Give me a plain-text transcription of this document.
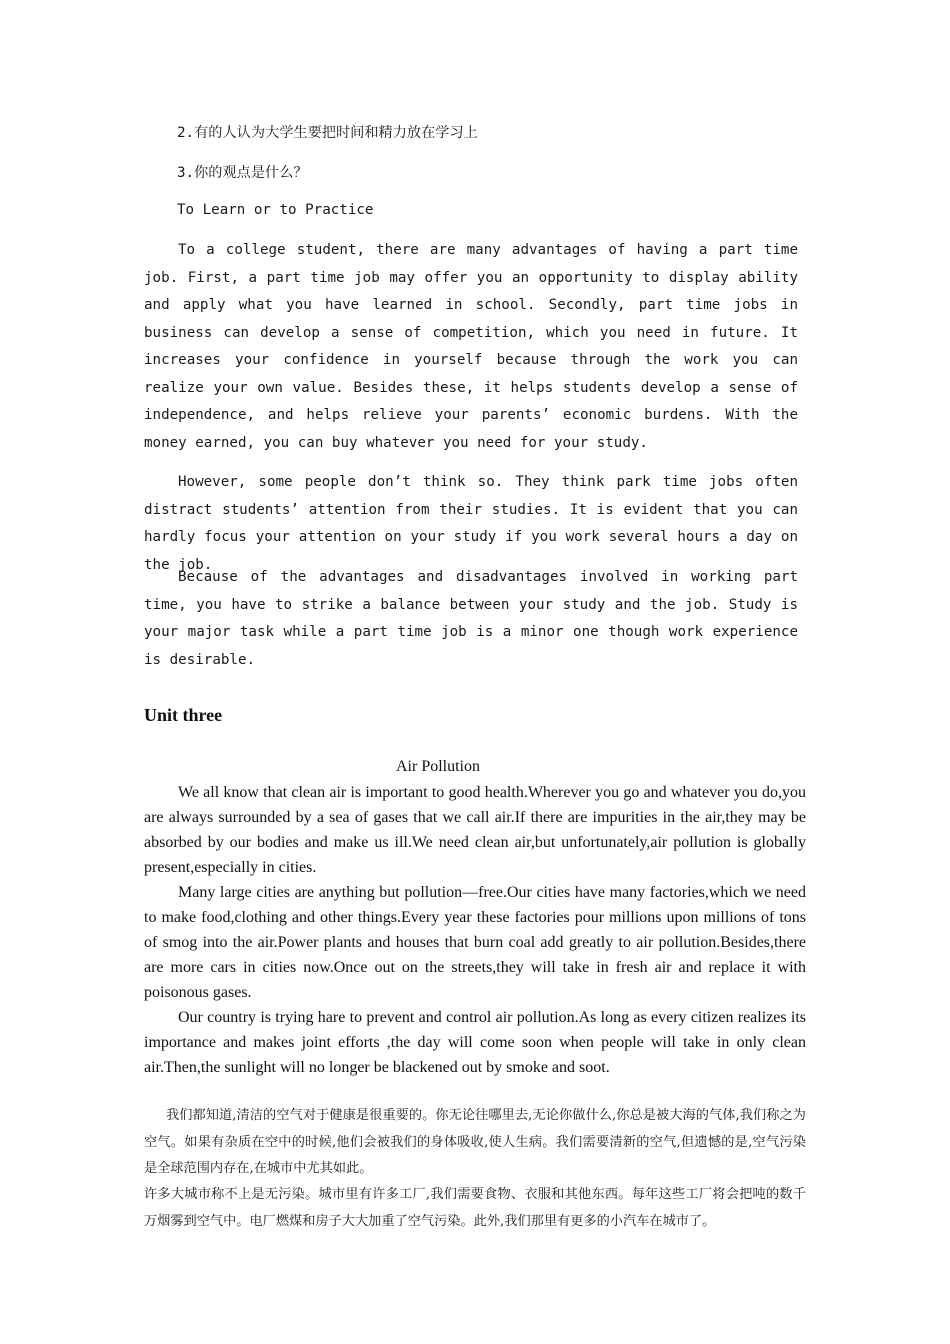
2.有的人认为大学生要把时间和精力放在学习上
3.你的观点是什么？
To Learn or to Practice
To a college student, there are many advantages of having a part time job. First, a part time job may offer you an opportunity to display ability and apply what you have learned in school. Secondly, part time jobs in business can develop a sense of competition, which you need in future. It increases your confidence in yourself because through the work you can realize your own value. Besides these, it helps students develop a sense of independence, and helps relieve your parents’ economic burdens. With the money earned, you can buy whatever you need for your study.
However, some people don’t think so. They think park time jobs often distract students’ attention from their studies. It is evident that you can hardly focus your attention on your study if you work several hours a day on the job.
Because of the advantages and disadvantages involved in working part time, you have to strike a balance between your study and the job. Study is your major task while a part time job is a minor one though work experience is desirable.
Unit three
Air Pollution
We all know that clean air is important to good health.Wherever you go and whatever you do,you are always surrounded by a sea of gases that we call air.If there are impurities in the air,they may be absorbed by our bodies and make us ill.We need clean air,but unfortunately,air pollution is globally present,especially in cities.
Many large cities are anything but pollution—free.Our cities have many factories,which we need to make food,clothing and other things.Every year these factories pour millions upon millions of tons of smog into the air.Power plants and houses that burn coal add greatly to air pollution.Besides,there are more cars in cities now.Once out on the streets,they will take in fresh air and replace it with poisonous gases.
Our country is trying hare to prevent and control air pollution.As long as every citizen realizes its importance and makes joint efforts ,the day will come soon when people will take in only clean air.Then,the sunlight will no longer be blackened out by smoke and soot.
我们都知道,清洁的空气对于健康是很重要的。你无论往哪里去,无论你做什么,你总是被大海的气体,我们称之为空气。如果有杂质在空中的时候,他们会被我们的身体吸收,使人生病。我们需要清新的空气,但遗憾的是,空气污染是全球范围内存在,在城市中尤其如此。
许多大城市称不上是无污染。城市里有许多工厂,我们需要食物、衣服和其他东西。每年这些工厂将会把吨的数千万烟雾到空气中。电厂燃煤和房子大大加重了空气污染。此外,我们那里有更多的小汽车在城市了。
